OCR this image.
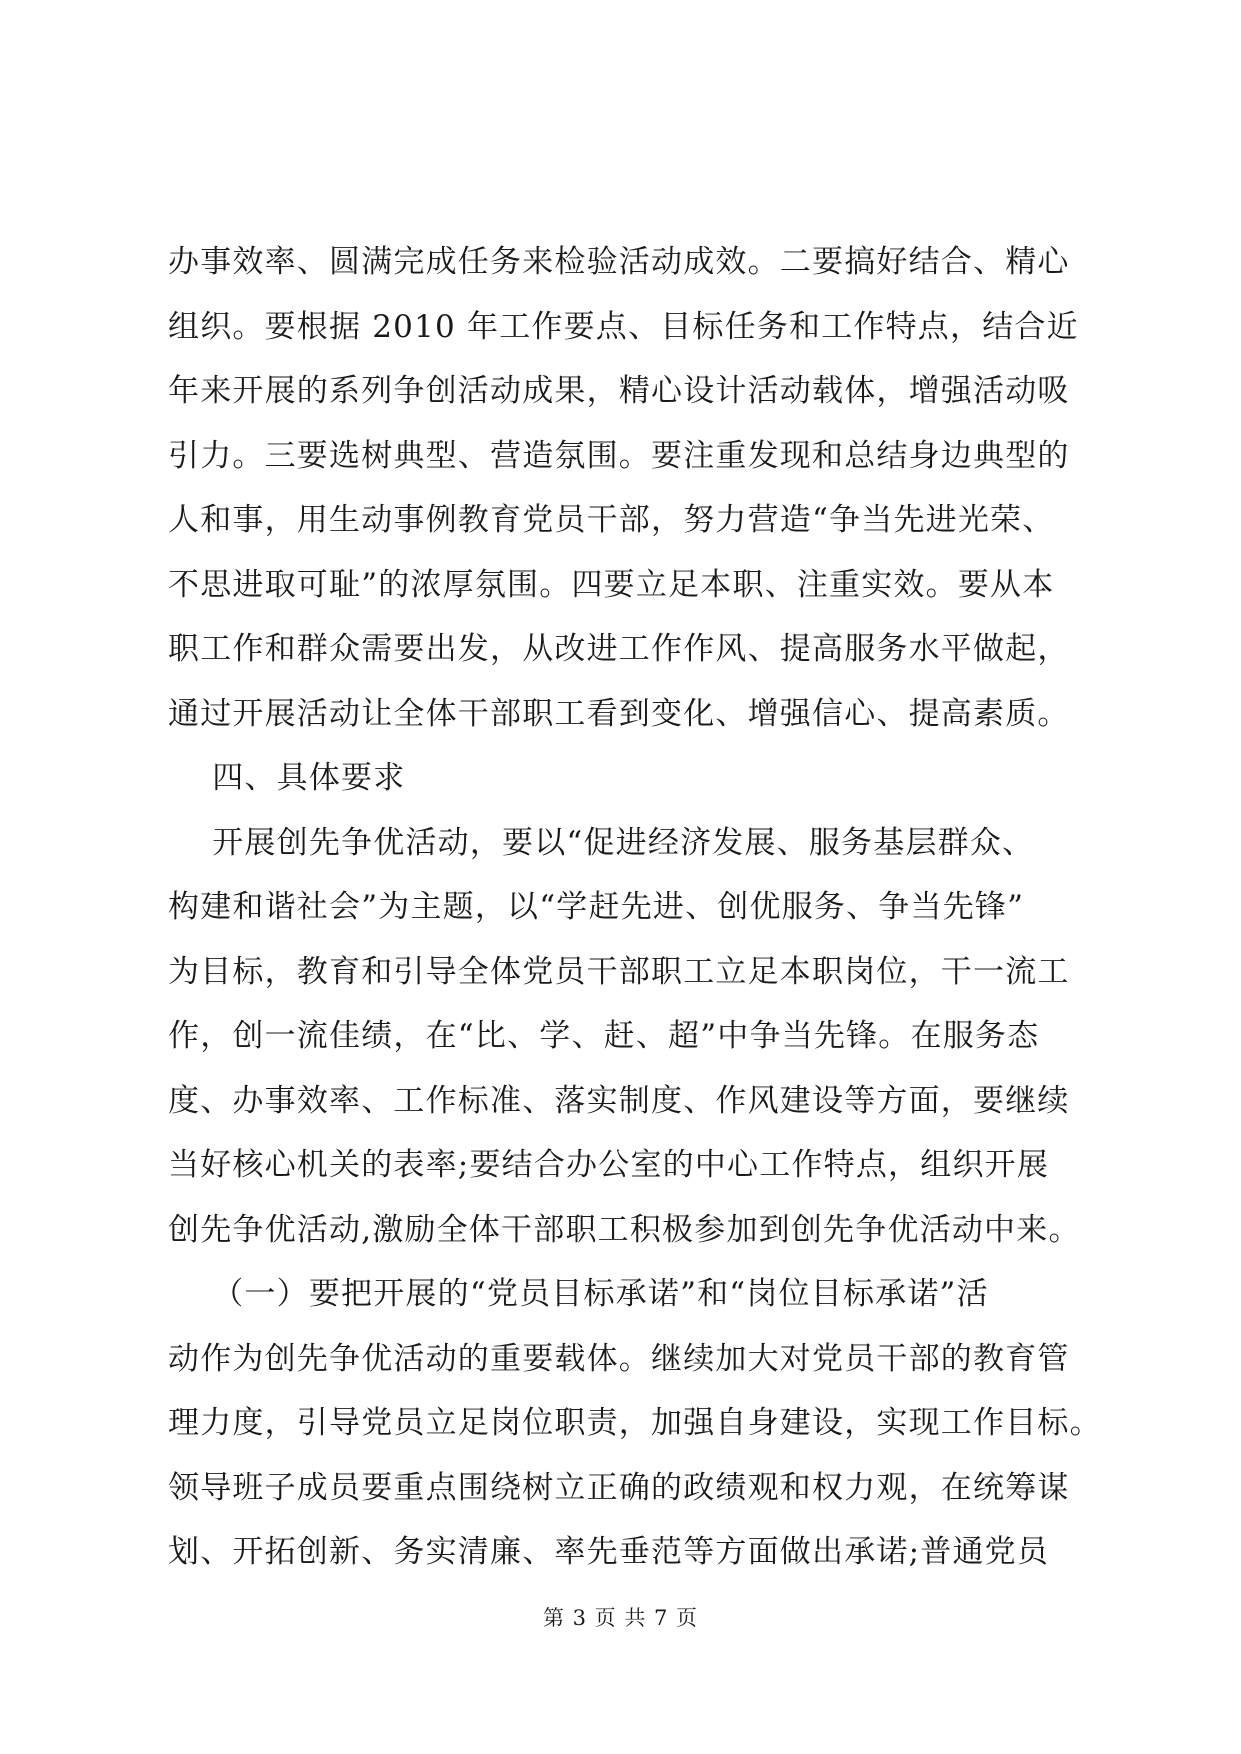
办事效率、圆满完成任务来检验活动成效。二要搞好结合、精心
组织。要根据 2010 年工作要点、目标任务和工作特点，结合近
年来开展的系列争创活动成果，精心设计活动载体，增强活动吸
引力。三要选树典型、营造氛围。要注重发现和总结身边典型的
人和事，用生动事例教育党员干部，努力营造“争当先进光荣、
不思进取可耻”的浓厚氛围。四要立足本职、注重实效。要从本
职工作和群众需要出发，从改进工作作风、提高服务水平做起，
通过开展活动让全体干部职工看到变化、增强信心、提高素质。
四、具体要求
开展创先争优活动，要以“促进经济发展、服务基层群众、
构建和谐社会”为主题，以“学赶先进、创优服务、争当先锋”
为目标，教育和引导全体党员干部职工立足本职岗位，干一流工
作，创一流佳绩，在“比、学、赶、超”中争当先锋。在服务态
度、办事效率、工作标准、落实制度、作风建设等方面，要继续
当好核心机关的表率;要结合办公室的中心工作特点，组织开展
创先争优活动,激励全体干部职工积极参加到创先争优活动中来。
（一）要把开展的“党员目标承诺”和“岗位目标承诺”活
动作为创先争优活动的重要载体。继续加大对党员干部的教育管
理力度，引导党员立足岗位职责，加强自身建设，实现工作目标。
领导班子成员要重点围绕树立正确的政绩观和权力观，在统筹谋
划、开拓创新、务实清廉、率先垂范等方面做出承诺;普通党员
第 3 页 共 7 页
